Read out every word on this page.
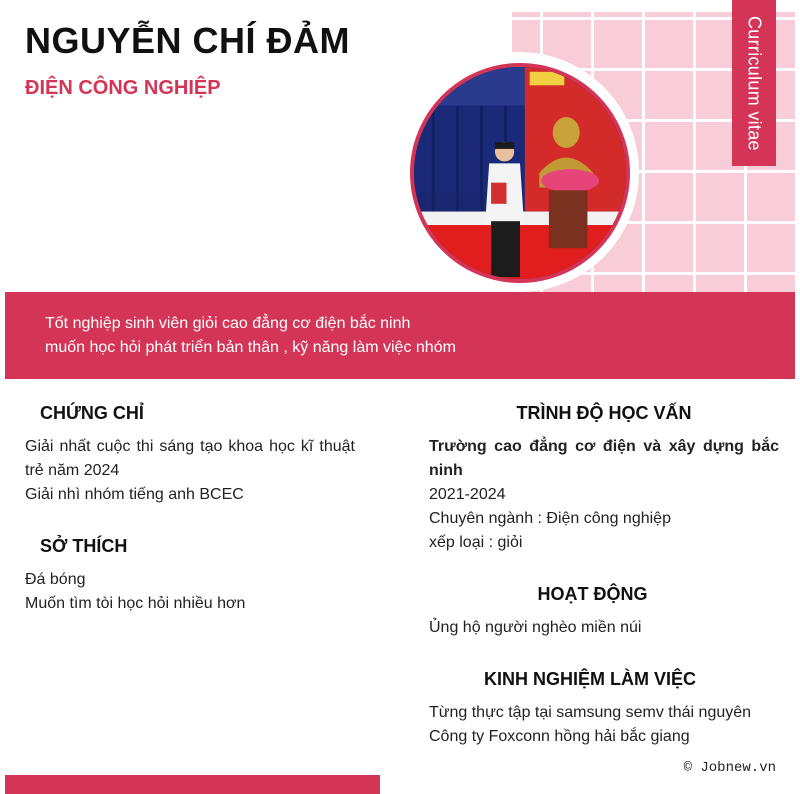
Curriculum vitae
NGUYỄN CHÍ ĐẢM
ĐIỆN CÔNG NGHIỆP
Tốt nghiệp sinh viên giỏi cao đẳng cơ điện bắc ninh
muốn học hỏi phát triển bản thân , kỹ năng làm việc nhóm
CHỨNG CHỈ
Giải nhất cuộc thi sáng tạo khoa học kĩ thuật trẻ năm 2024
Giải nhì nhóm tiếng anh BCEC
SỞ THÍCH
Đá bóng
Muốn tìm tòi học hỏi nhiều hơn
TRÌNH ĐỘ HỌC VẤN
Trường cao đẳng cơ điện và xây dựng bắc ninh
2021-2024
Chuyên ngành : Điện công nghiệp
xếp loại : giỏi
HOẠT ĐỘNG
Ủng hộ người nghèo miền núi
KINH NGHIỆM LÀM VIỆC
Từng thực tập tại samsung semv thái nguyên
Công ty Foxconn hồng hải bắc giang
© Jobnew.vn
